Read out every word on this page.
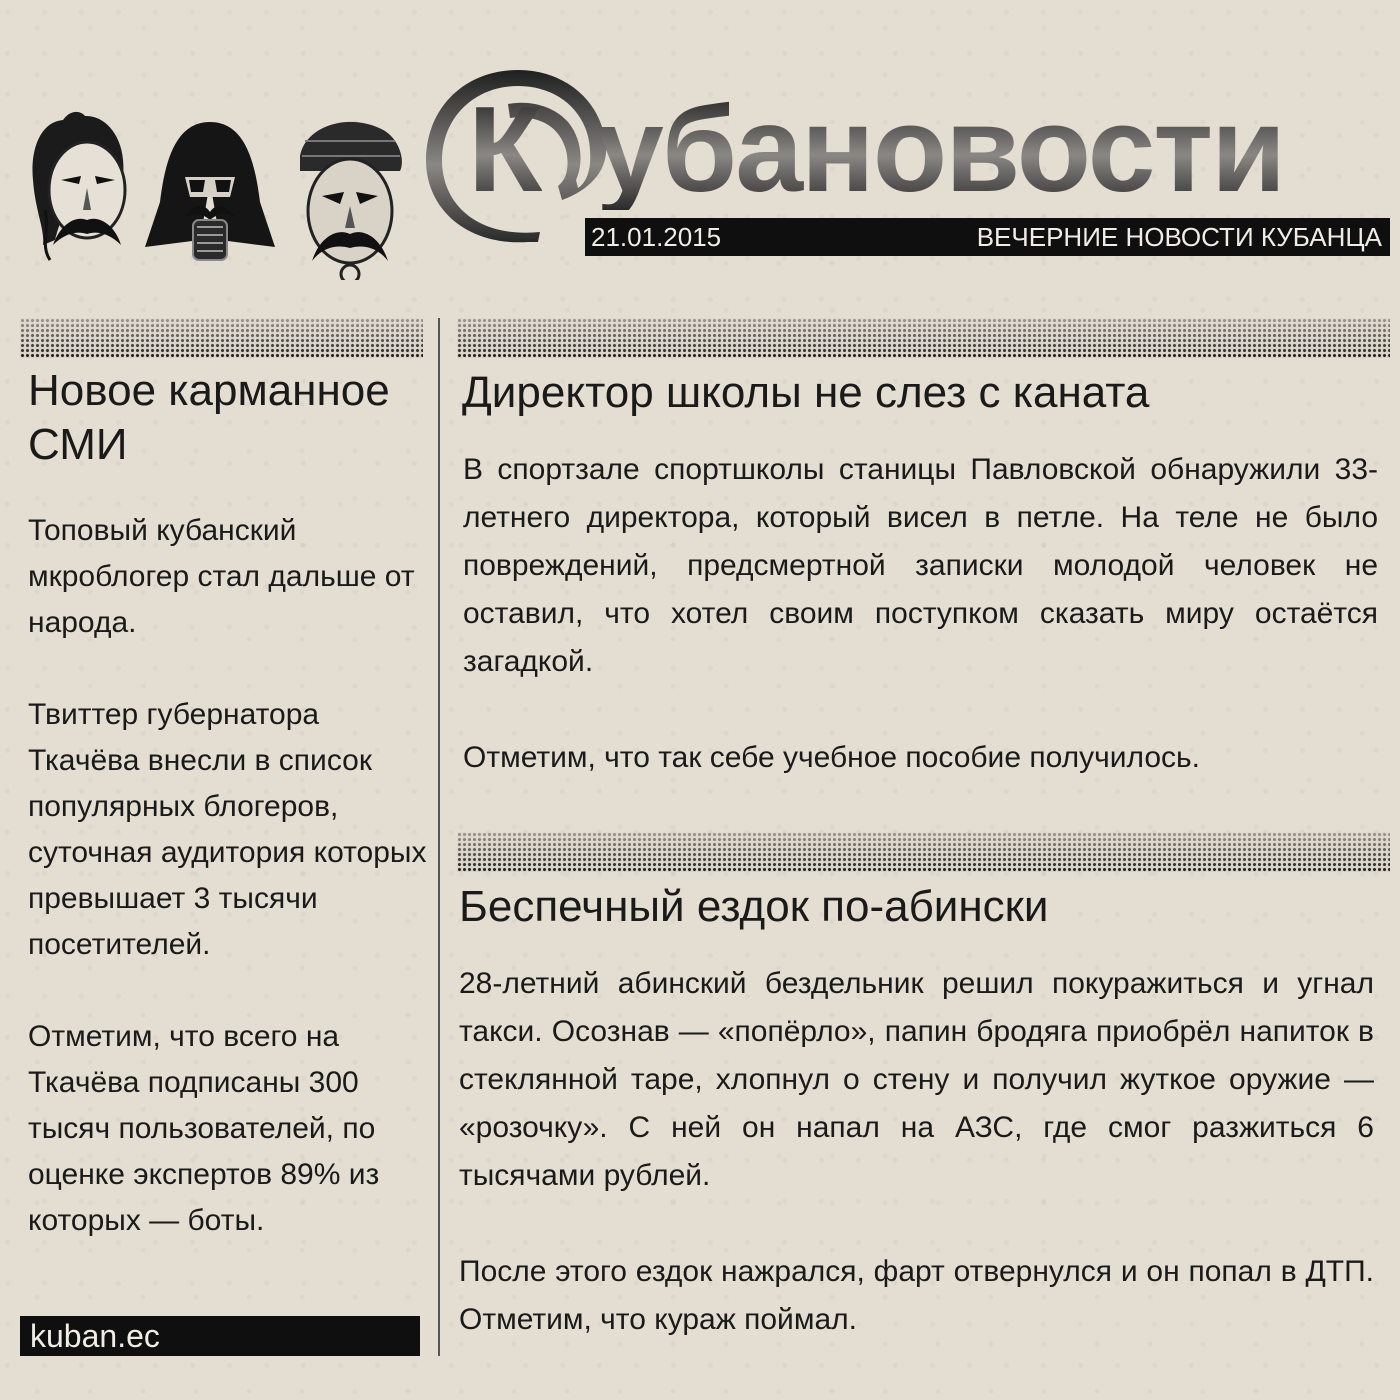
К убановости
21.01.2015	ВЕЧЕРНИЕ НОВОСТИ КУБАНЦА
Новое карманное СМИ

Топовый кубанский мкроблогер стал дальше от народа.

Твиттер губернатора Ткачёва внесли в список популярных блогеров, суточная аудитория которых превышает 3 тысячи посетителей.

Отметим, что всего на Ткачёва подписаны 300 тысяч пользователей, по оценке экспертов 89% из которых — боты.

kuban.ec
Директор школы не слез с каната

В спортзале спортшколы станицы Павловской обнаружили 33-летнего директора, который висел в петле. На теле не было повреждений, предсмертной записки молодой человек не оставил, что хотел своим поступком сказать миру остаётся загадкой.

Отметим, что так себе учебное пособие получилось.

Беспечный ездок по-абински

28-летний абинский бездельник решил покуражиться и угнал такси. Осознав — «попёрло», папин бродяга приобрёл напиток в стеклянной таре, хлопнул о стену и получил жуткое оружие — «розочку». С ней он напал на АЗС, где смог разжиться 6 тысячами рублей.

После этого ездок нажрался, фарт отвернулся и он попал в ДТП. Отметим, что кураж поймал.
